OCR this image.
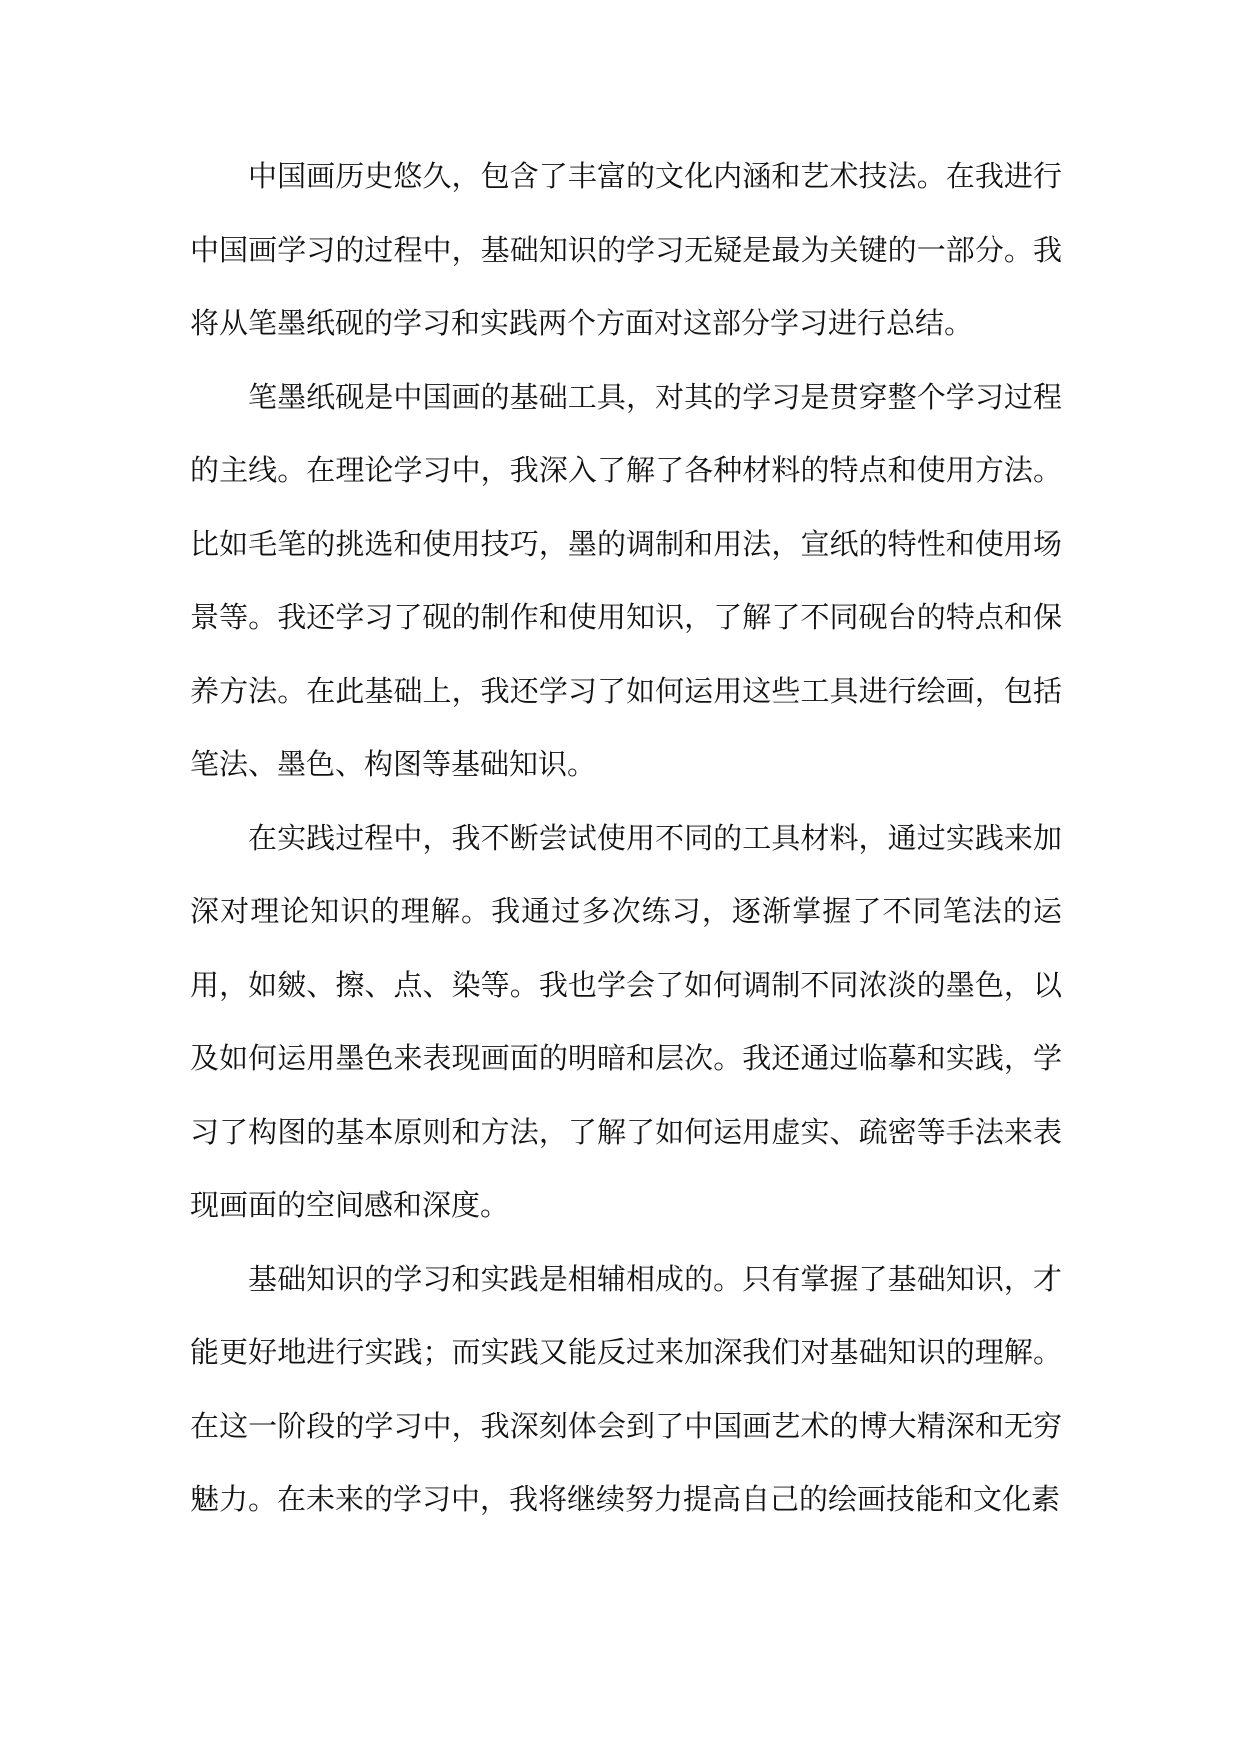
中国画历史悠久，包含了丰富的文化内涵和艺术技法。在我进行中国画学习的过程中，基础知识的学习无疑是最为关键的一部分。我将从笔墨纸砚的学习和实践两个方面对这部分学习进行总结。

笔墨纸砚是中国画的基础工具，对其的学习是贯穿整个学习过程的主线。在理论学习中，我深入了解了各种材料的特点和使用方法。比如毛笔的挑选和使用技巧，墨的调制和用法，宣纸的特性和使用场景等。我还学习了砚的制作和使用知识，了解了不同砚台的特点和保养方法。在此基础上，我还学习了如何运用这些工具进行绘画，包括笔法、墨色、构图等基础知识。

在实践过程中，我不断尝试使用不同的工具材料，通过实践来加深对理论知识的理解。我通过多次练习，逐渐掌握了不同笔法的运用，如皴、擦、点、染等。我也学会了如何调制不同浓淡的墨色，以及如何运用墨色来表现画面的明暗和层次。我还通过临摹和实践，学习了构图的基本原则和方法，了解了如何运用虚实、疏密等手法来表现画面的空间感和深度。

基础知识的学习和实践是相辅相成的。只有掌握了基础知识，才能更好地进行实践；而实践又能反过来加深我们对基础知识的理解。在这一阶段的学习中，我深刻体会到了中国画艺术的博大精深和无穷魅力。在未来的学习中，我将继续努力提高自己的绘画技能和文化素
